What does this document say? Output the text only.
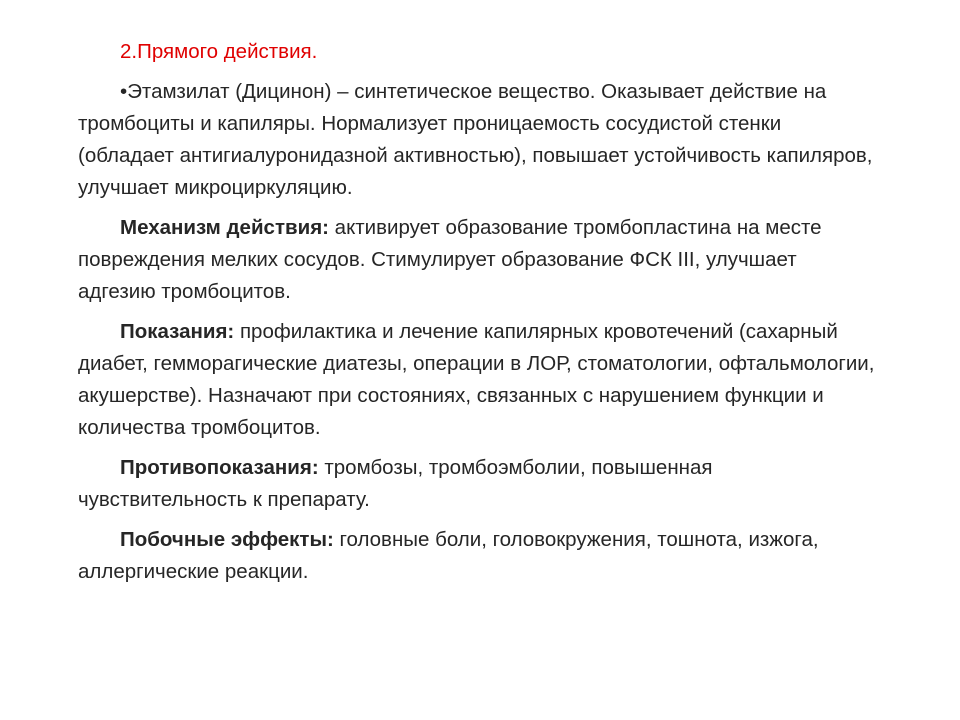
2.Прямого действия.

•Этамзилат (Дицинон) – синтетическое вещество. Оказывает действие на тромбоциты и капиляры. Нормализует проницаемость сосудистой стенки (обладает антигиалуронидазной активностью), повышает устойчивость капиляров, улучшает микроциркуляцию.

Механизм действия: активирует образование тромбопластина на месте повреждения мелких сосудов. Стимулирует образование ФСК III, улучшает адгезию тромбоцитов.

Показания: профилактика и лечение капилярных кровотечений (сахарный диабет, гемморагические диатезы, операции в ЛОР, стоматологии, офтальмологии, акушерстве). Назначают при состояниях, связанных с нарушением функции и количества тромбоцитов.

Противопоказания: тромбозы, тромбоэмболии, повышенная чувствительность к препарату.

Побочные эффекты: головные боли, головокружения, тошнота, изжога, аллергические реакции.
